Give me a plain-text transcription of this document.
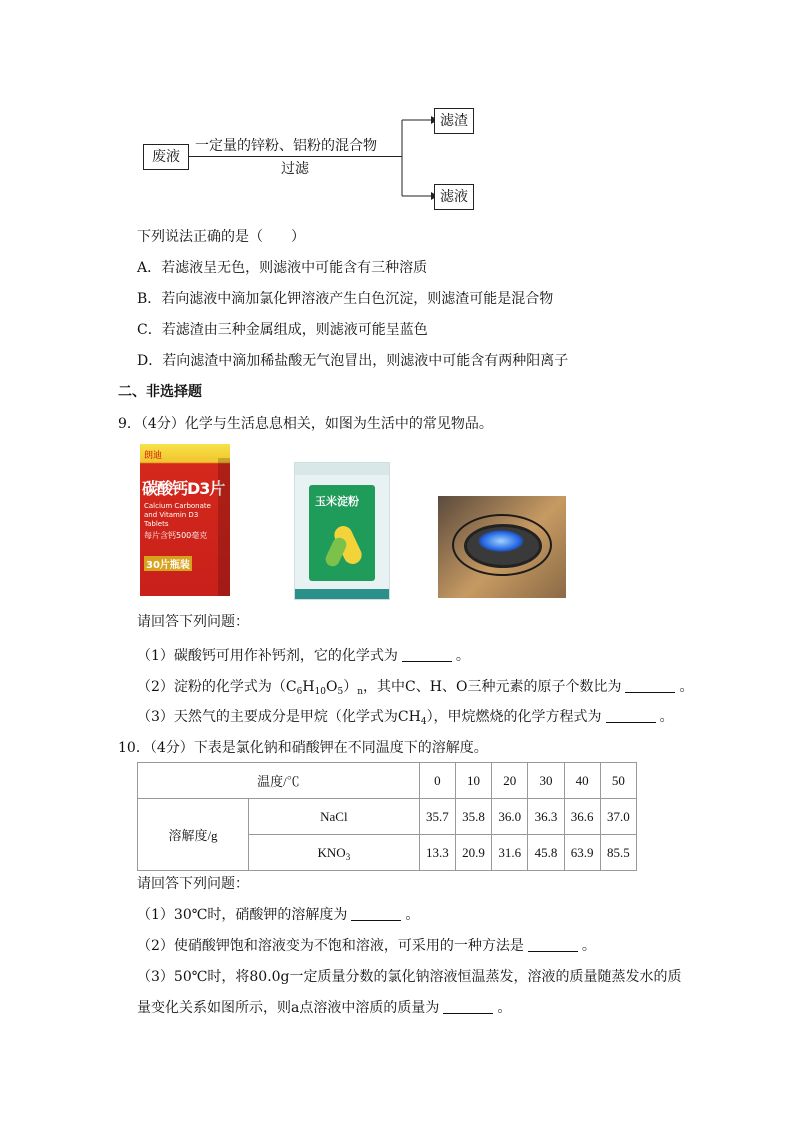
废液
一定量的锌粉、铝粉的混合物
过滤
滤渣
滤液
下列说法正确的是（　　）
A．若滤液呈无色，则滤液中可能含有三种溶质
B．若向滤液中滴加氯化钾溶液产生白色沉淀，则滤渣可能是混合物
C．若滤渣由三种金属组成，则滤液可能呈蓝色
D．若向滤渣中滴加稀盐酸无气泡冒出，则滤液中可能含有两种阳离子
二、非选择题
9．（4分）化学与生活息息相关，如图为生活中的常见物品。
朗迪
碳酸钙D3片
Calcium Carbonate and Vitamin D3 Tablets
每片含钙500毫克
30片瓶装
玉米淀粉
请回答下列问题：
（1）碳酸钙可用作补钙剂，它的化学式为	。
（2）淀粉的化学式为$(C_6H_{10}O_5)_n$，其中C、H、O三种元素的原子个数比为	。
（3）天然气的主要成分是甲烷（化学式为$CH_4$），甲烷燃烧的化学方程式为	。
10．（4分）下表是氯化钠和硝酸钾在不同温度下的溶解度。
温度/℃		0	10	20	30	40	50
溶解度/g	NaCl	35.7	35.8	36.0	36.3	36.6	37.0
	$KNO_3$	13.3	20.9	31.6	45.8	63.9	85.5
请回答下列问题：
（1）30℃时，硝酸钾的溶解度为	。
（2）使硝酸钾饱和溶液变为不饱和溶液，可采用的一种方法是	。
（3）50℃时，将80.0g一定质量分数的氯化钠溶液恒温蒸发，溶液的质量随蒸发水的质
量变化关系如图所示，则a点溶液中溶质的质量为	。
